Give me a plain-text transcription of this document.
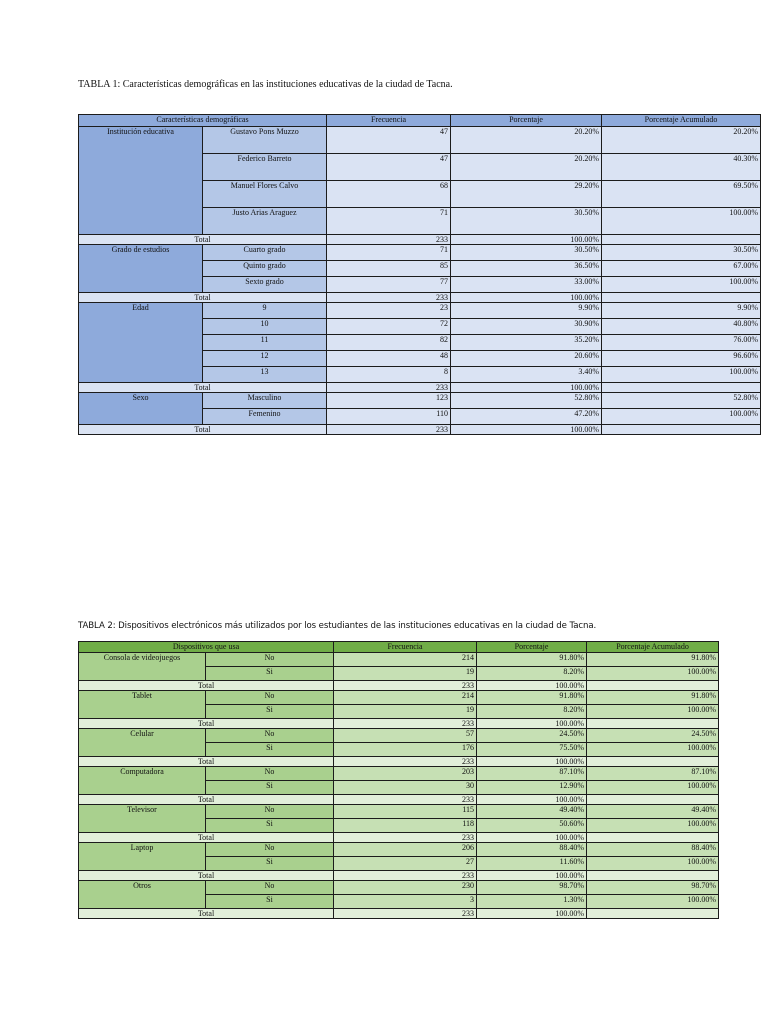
TABLA 1: Características demográficas en las instituciones educativas de la ciudad de Tacna.
Características demográficas		Frecuencia	Porcentaje	Porcentaje Acumulado
Institución educativa	Gustavo Pons Muzzo	47	20.20%	20.20%
	Federico Barreto	47	20.20%	40.30%
	Manuel Flores Calvo	68	29.20%	69.50%
	Justo Arias Araguez	71	30.50%	100.00%
Total		233	100.00%	
Grado de estudios	Cuarto grado	71	30.50%	30.50%
	Quinto grado	85	36.50%	67.00%
	Sexto grado	77	33.00%	100.00%
Total		233	100.00%	
Edad	9	23	9.90%	9.90%
	10	72	30.90%	40.80%
	11	82	35.20%	76.00%
	12	48	20.60%	96.60%
	13	8	3.40%	100.00%
Total		233	100.00%	
Sexo	Masculino	123	52.80%	52.80%
	Femenino	110	47.20%	100.00%
Total		233	100.00%	
TABLA 2: Dispositivos electrónicos más utilizados por los estudiantes de las instituciones educativas en la ciudad de Tacna.
Dispositivos que usa		Frecuencia	Porcentaje	Porcentaje Acumulado
Consola de videojuegos	No	214	91.80%	91.80%
	Si	19	8.20%	100.00%
Total		233	100.00%	
Tablet	No	214	91.80%	91.80%
	Si	19	8.20%	100.00%
Total		233	100.00%	
Celular	No	57	24.50%	24.50%
	Si	176	75.50%	100.00%
Total		233	100.00%	
Computadora	No	203	87.10%	87.10%
	Si	30	12.90%	100.00%
Total		233	100.00%	
Televisor	No	115	49.40%	49.40%
	Si	118	50.60%	100.00%
Total		233	100.00%	
Laptop	No	206	88.40%	88.40%
	Si	27	11.60%	100.00%
Total		233	100.00%	
Otros	No	230	98.70%	98.70%
	Si	3	1.30%	100.00%
Total		233	100.00%	
